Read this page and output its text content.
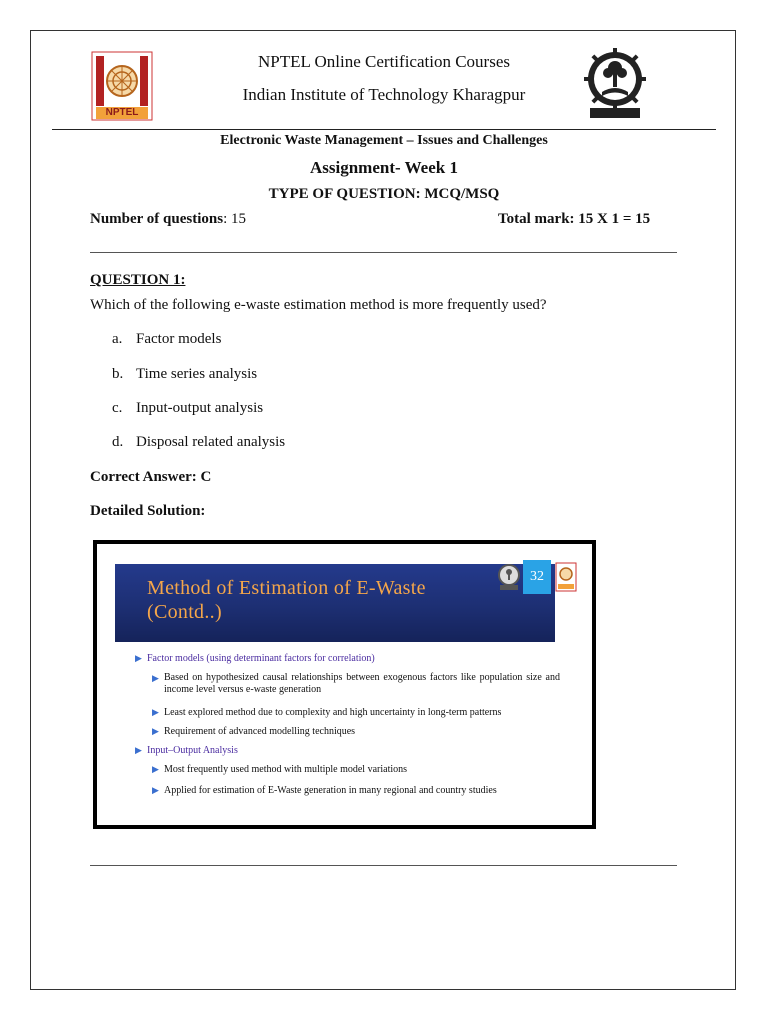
NPTEL
NPTEL Online Certification Courses
Indian Institute of Technology Kharagpur
Electronic Waste Management – Issues and Challenges
Assignment- Week 1
TYPE OF QUESTION: MCQ/MSQ
Number of questions: 15	Total mark: 15 X 1 = 15
QUESTION 1:
Which of the following e-waste estimation method is more frequently used?
a. Factor models
b. Time series analysis
c. Input-output analysis
d. Disposal related analysis
Correct Answer: C
Detailed Solution:
Method of Estimation of E-Waste
(Contd..)
32
▶ Factor models (using determinant factors for correlation)
▶ Based on hypothesized causal relationships between exogenous factors like population size and income level versus e-waste generation
▶ Least explored method due to complexity and high uncertainty in long-term patterns
▶ Requirement of advanced modelling techniques
▶ Input–Output Analysis
▶ Most frequently used method with multiple model variations
▶ Applied for estimation of E-Waste generation in many regional and country studies
